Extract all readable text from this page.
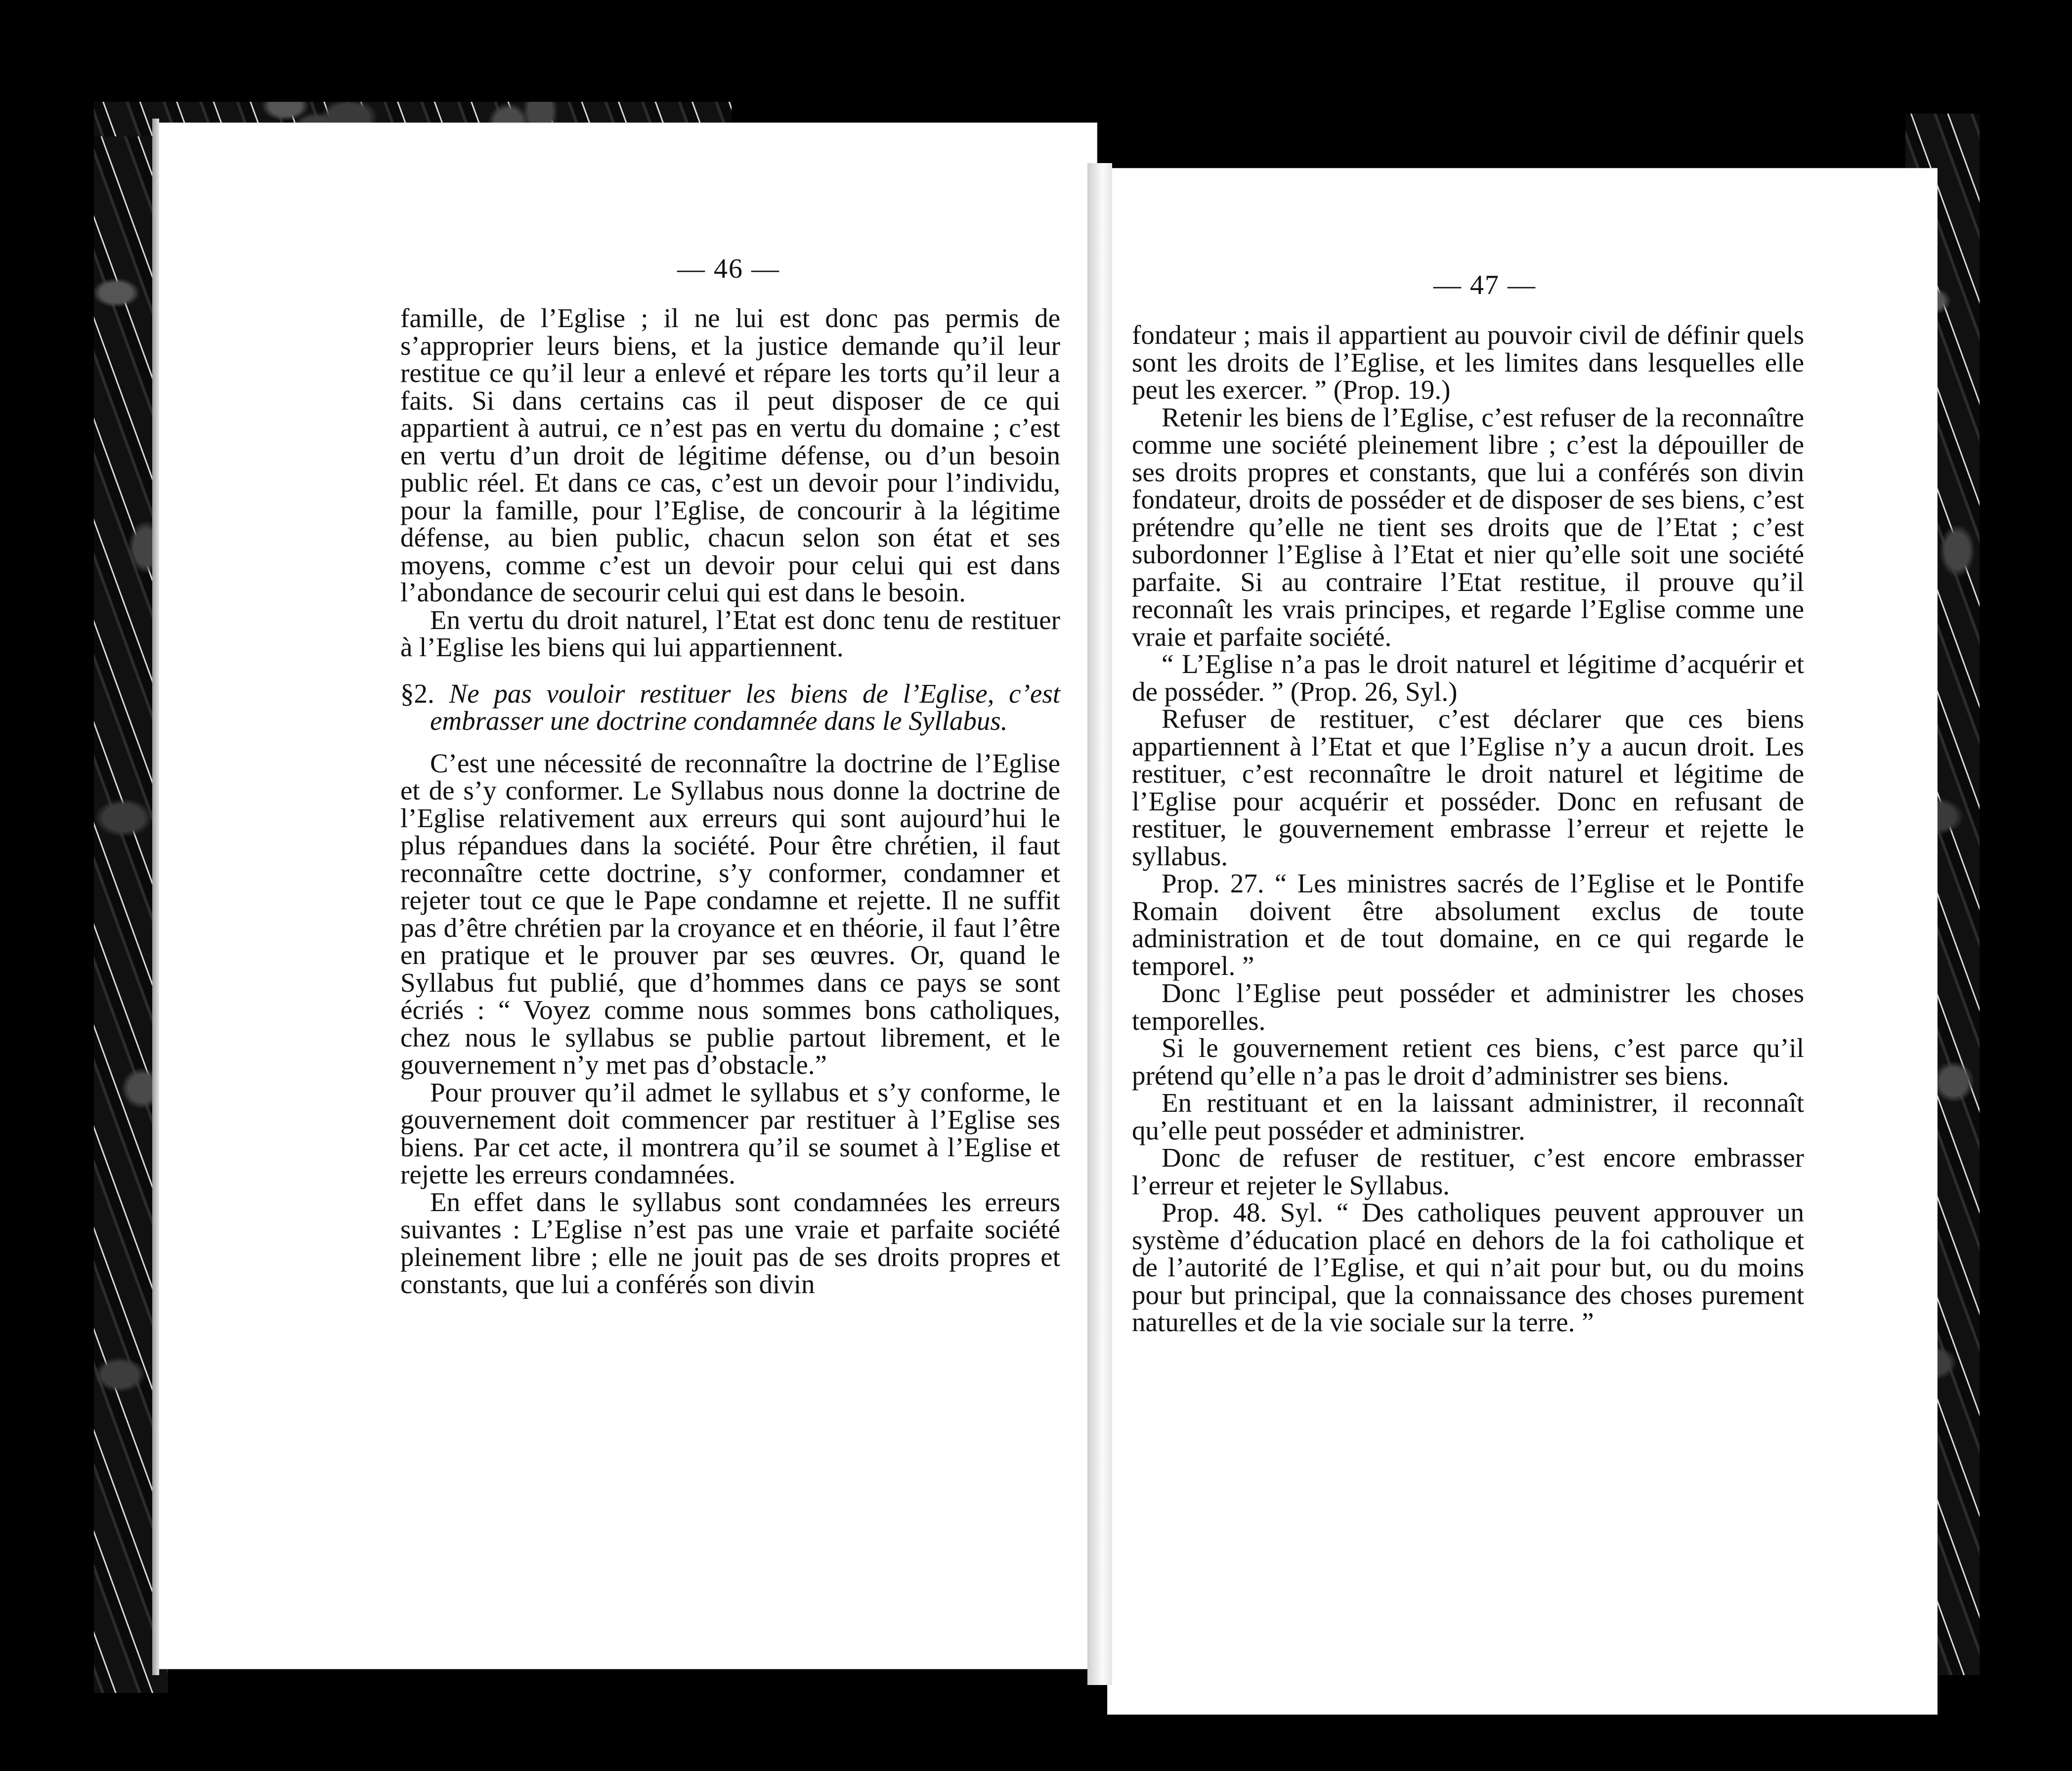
— 46 —
— 47 —

famille, de l’Eglise ; il ne lui est donc pas permis de s’approprier leurs biens, et la justice demande qu’il leur restitue ce qu’il leur a enlevé et répare les torts qu’il leur a faits. Si dans certains cas il peut disposer de ce qui appartient à autrui, ce n’est pas en vertu du domaine ; c’est en vertu d’un droit de légitime défense, ou d’un besoin public réel. Et dans ce cas, c’est un devoir pour l’individu, pour la famille, pour l’Eglise, de concourir à la légitime défense, au bien public, chacun selon son état et ses moyens, comme c’est un devoir pour celui qui est dans l’abondance de secourir celui qui est dans le besoin.

En vertu du droit naturel, l’Etat est donc tenu de restituer à l’Eglise les biens qui lui appartiennent.

§2. Ne pas vouloir restituer les biens de l’Eglise, c’est embrasser une doctrine condamnée dans le Syllabus.

C’est une nécessité de reconnaître la doctrine de l’Eglise et de s’y conformer. Le Syllabus nous donne la doctrine de l’Eglise relativement aux erreurs qui sont aujourd’hui le plus répandues dans la société. Pour être chrétien, il faut reconnaître cette doctrine, s’y conformer, condamner et rejeter tout ce que le Pape condamne et rejette. Il ne suffit pas d’être chrétien par la croyance et en théorie, il faut l’être en pratique et le prouver par ses œuvres. Or, quand le Syllabus fut publié, que d’hommes dans ce pays se sont écriés : “ Voyez comme nous sommes bons catholiques, chez nous le syllabus se publie partout librement, et le gouvernement n’y met pas d’obstacle.”

Pour prouver qu’il admet le syllabus et s’y conforme, le gouvernement doit commencer par restituer à l’Eglise ses biens. Par cet acte, il montrera qu’il se soumet à l’Eglise et rejette les erreurs condamnées.

En effet dans le syllabus sont condamnées les erreurs suivantes : L’Eglise n’est pas une vraie et parfaite société pleinement libre ; elle ne jouit pas de ses droits propres et constants, que lui a conférés son divin

fondateur ; mais il appartient au pouvoir civil de définir quels sont les droits de l’Eglise, et les limites dans lesquelles elle peut les exercer. ” (Prop. 19.)

Retenir les biens de l’Eglise, c’est refuser de la reconnaître comme une société pleinement libre ; c’est la dépouiller de ses droits propres et constants, que lui a conférés son divin fondateur, droits de posséder et de disposer de ses biens, c’est prétendre qu’elle ne tient ses droits que de l’Etat ; c’est subordonner l’Eglise à l’Etat et nier qu’elle soit une société parfaite. Si au contraire l’Etat restitue, il prouve qu’il reconnaît les vrais principes, et regarde l’Eglise comme une vraie et parfaite société.

“ L’Eglise n’a pas le droit naturel et légitime d’acquérir et de posséder. ” (Prop. 26, Syl.)

Refuser de restituer, c’est déclarer que ces biens appartiennent à l’Etat et que l’Eglise n’y a aucun droit. Les restituer, c’est reconnaître le droit naturel et légitime de l’Eglise pour acquérir et posséder. Donc en refusant de restituer, le gouvernement embrasse l’erreur et rejette le syllabus.

Prop. 27. “ Les ministres sacrés de l’Eglise et le Pontife Romain doivent être absolument exclus de toute administration et de tout domaine, en ce qui regarde le temporel. ”

Donc l’Eglise peut posséder et administrer les choses temporelles.

Si le gouvernement retient ces biens, c’est parce qu’il prétend qu’elle n’a pas le droit d’administrer ses biens.

En restituant et en la laissant administrer, il reconnaît qu’elle peut posséder et administrer.

Donc de refuser de restituer, c’est encore embrasser l’erreur et rejeter le Syllabus.

Prop. 48. Syl. “ Des catholiques peuvent approuver un système d’éducation placé en dehors de la foi catholique et de l’autorité de l’Eglise, et qui n’ait pour but, ou du moins pour but principal, que la connaissance des choses purement naturelles et de la vie sociale sur la terre. ”
